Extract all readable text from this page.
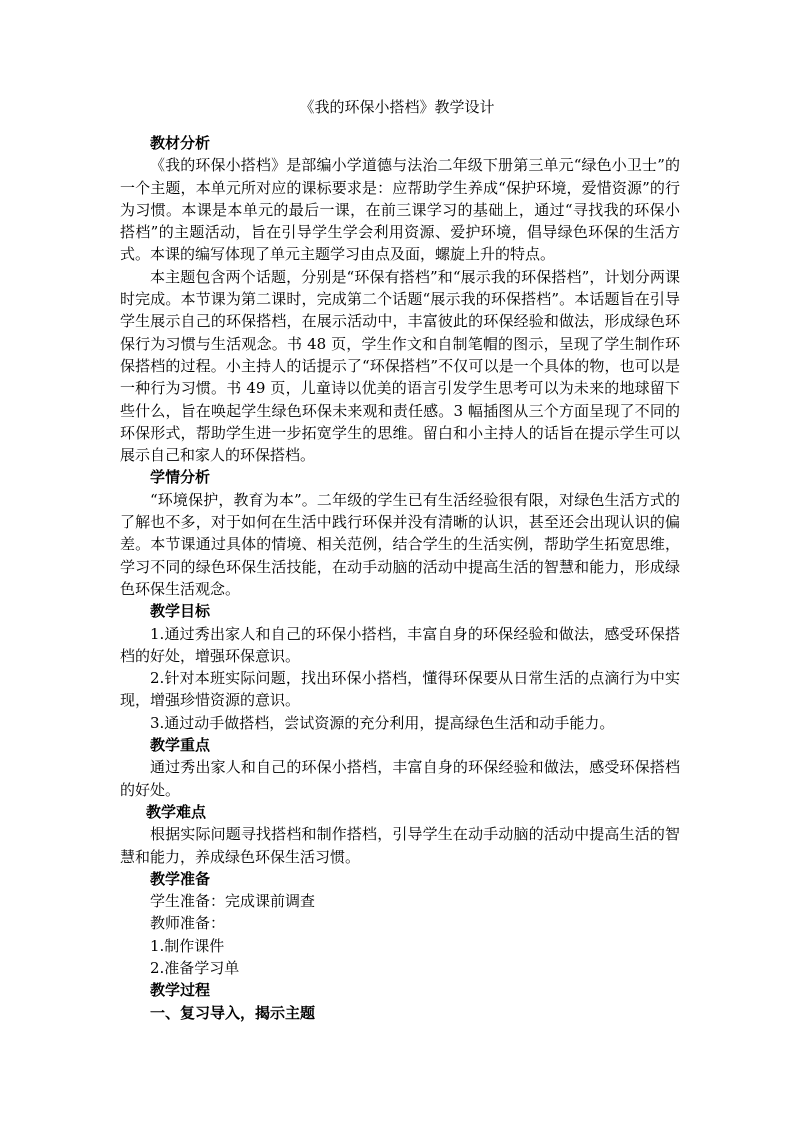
《我的环保小搭档》教学设计

教材分析

《我的环保小搭档》是部编小学道德与法治二年级下册第三单元“绿色小卫士”的一个主题，本单元所对应的课标要求是：应帮助学生养成“保护环境，爱惜资源”的行为习惯。本课是本单元的最后一课，在前三课学习的基础上，通过“寻找我的环保小搭档”的主题活动，旨在引导学生学会利用资源、爱护环境，倡导绿色环保的生活方式。本课的编写体现了单元主题学习由点及面，螺旋上升的特点。

本主题包含两个话题，分别是“环保有搭档”和“展示我的环保搭档”，计划分两课时完成。本节课为第二课时，完成第二个话题“展示我的环保搭档”。本话题旨在引导学生展示自己的环保搭档，在展示活动中，丰富彼此的环保经验和做法，形成绿色环保行为习惯与生活观念。书 48 页，学生作文和自制笔帽的图示，呈现了学生制作环保搭档的过程。小主持人的话提示了“环保搭档”不仅可以是一个具体的物，也可以是一种行为习惯。书 49 页，儿童诗以优美的语言引发学生思考可以为未来的地球留下些什么，旨在唤起学生绿色环保未来观和责任感。3 幅插图从三个方面呈现了不同的环保形式，帮助学生进一步拓宽学生的思维。留白和小主持人的话旨在提示学生可以展示自己和家人的环保搭档。

学情分析

“环境保护，教育为本”。二年级的学生已有生活经验很有限，对绿色生活方式的了解也不多，对于如何在生活中践行环保并没有清晰的认识，甚至还会出现认识的偏差。本节课通过具体的情境、相关范例，结合学生的生活实例，帮助学生拓宽思维，学习不同的绿色环保生活技能，在动手动脑的活动中提高生活的智慧和能力，形成绿色环保生活观念。

教学目标

1.通过秀出家人和自己的环保小搭档，丰富自身的环保经验和做法，感受环保搭档的好处，增强环保意识。

2.针对本班实际问题，找出环保小搭档，懂得环保要从日常生活的点滴行为中实现，增强珍惜资源的意识。

3.通过动手做搭档，尝试资源的充分利用，提高绿色生活和动手能力。

教学重点

通过秀出家人和自己的环保小搭档，丰富自身的环保经验和做法，感受环保搭档的好处。

教学难点

根据实际问题寻找搭档和制作搭档，引导学生在动手动脑的活动中提高生活的智慧和能力，养成绿色环保生活习惯。

教学准备

学生准备：完成课前调查

教师准备：

1.制作课件

2.准备学习单

教学过程

一、复习导入，揭示主题
